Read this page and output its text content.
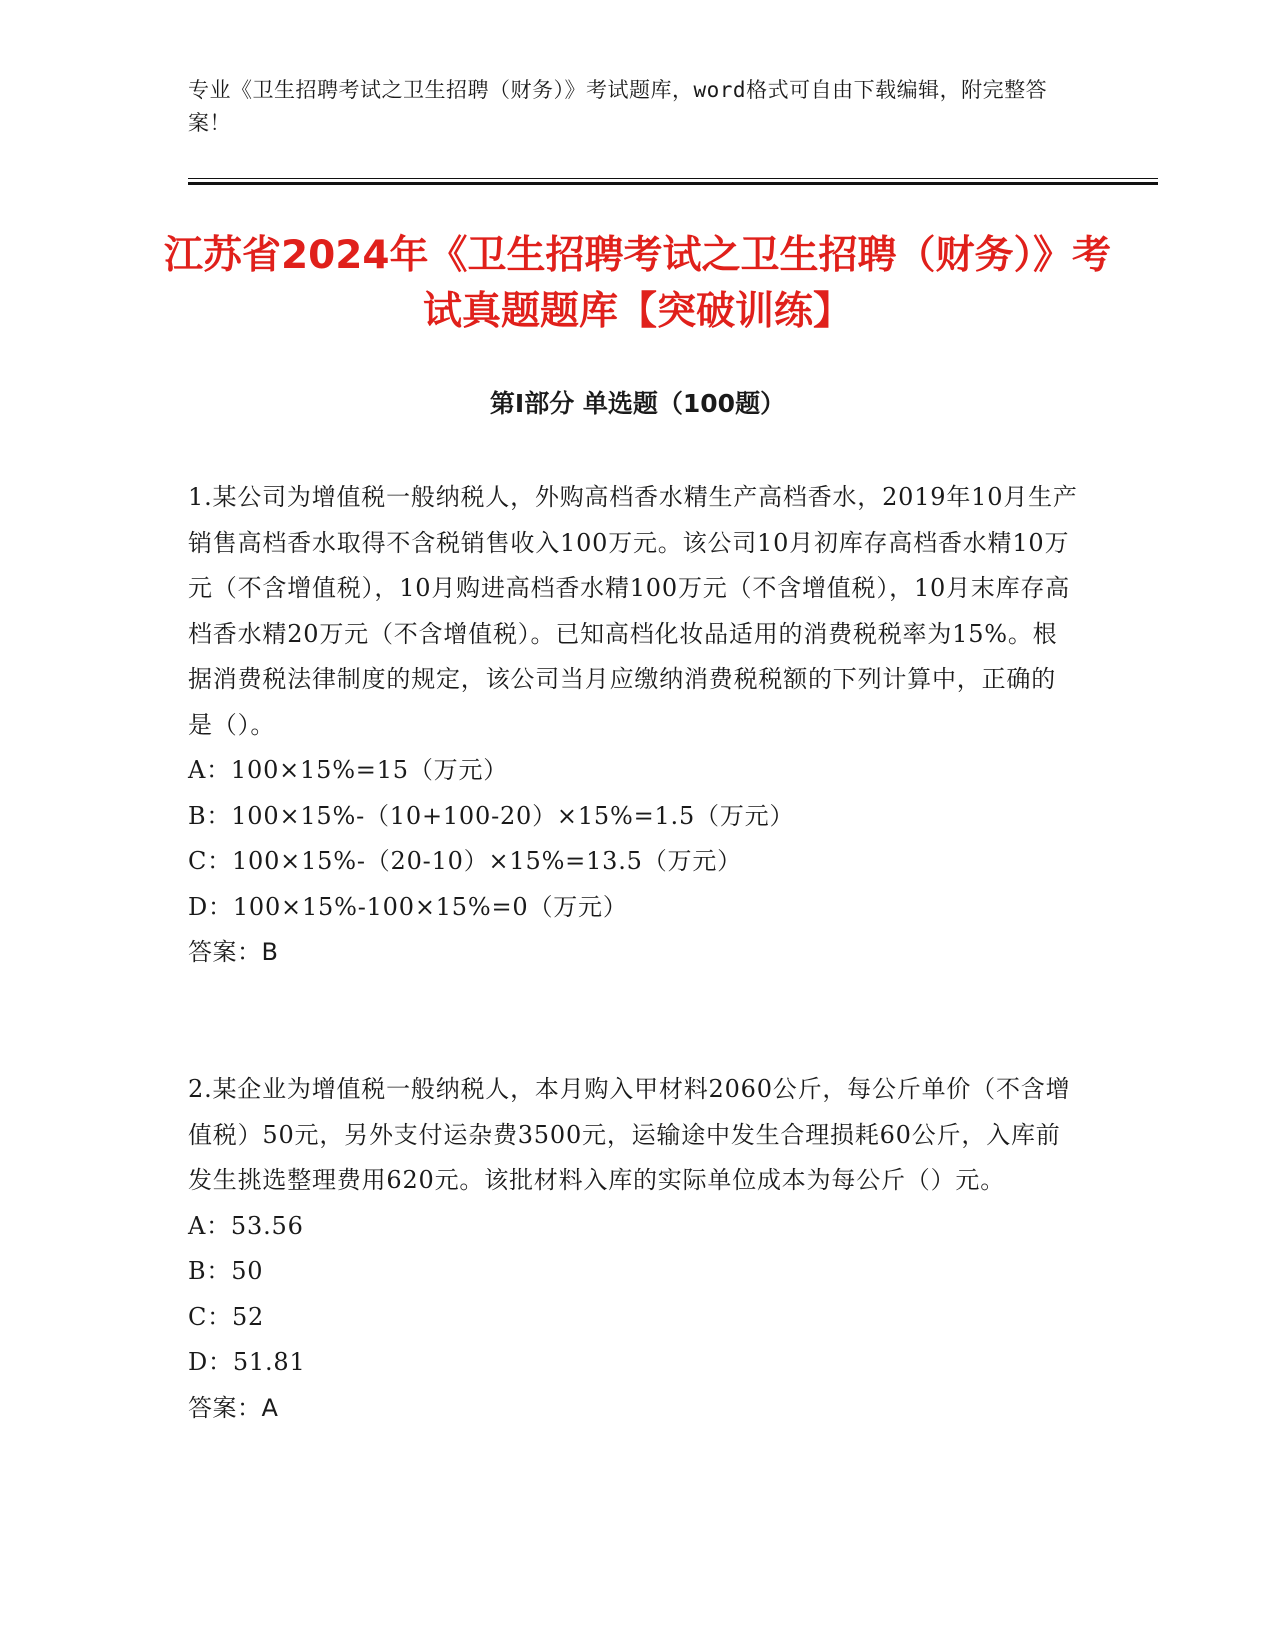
专业《卫生招聘考试之卫生招聘（财务）》考试题库，word格式可自由下载编辑，附完整答案！
江苏省2024年《卫生招聘考试之卫生招聘（财务）》考试真题题库【突破训练】
第Ⅰ部分 单选题（100题）

1.某公司为增值税一般纳税人，外购高档香水精生产高档香水，2019年10月生产销售高档香水取得不含税销售收入100万元。该公司10月初库存高档香水精10万元（不含增值税），10月购进高档香水精100万元（不含增值税），10月末库存高档香水精20万元（不含增值税）。已知高档化妆品适用的消费税税率为15%。根据消费税法律制度的规定，该公司当月应缴纳消费税税额的下列计算中，正确的是（）。

A：100×15%=15（万元）

B：100×15%-（10+100-20）×15%=1.5（万元）

C：100×15%-（20-10）×15%=13.5（万元）

D：100×15%-100×15%=0（万元）

答案：B

2.某企业为增值税一般纳税人，本月购入甲材料2060公斤，每公斤单价（不含增值税）50元，另外支付运杂费3500元，运输途中发生合理损耗60公斤，入库前发生挑选整理费用620元。该批材料入库的实际单位成本为每公斤（）元。

A：53.56

B：50

C：52

D：51.81

答案：A
